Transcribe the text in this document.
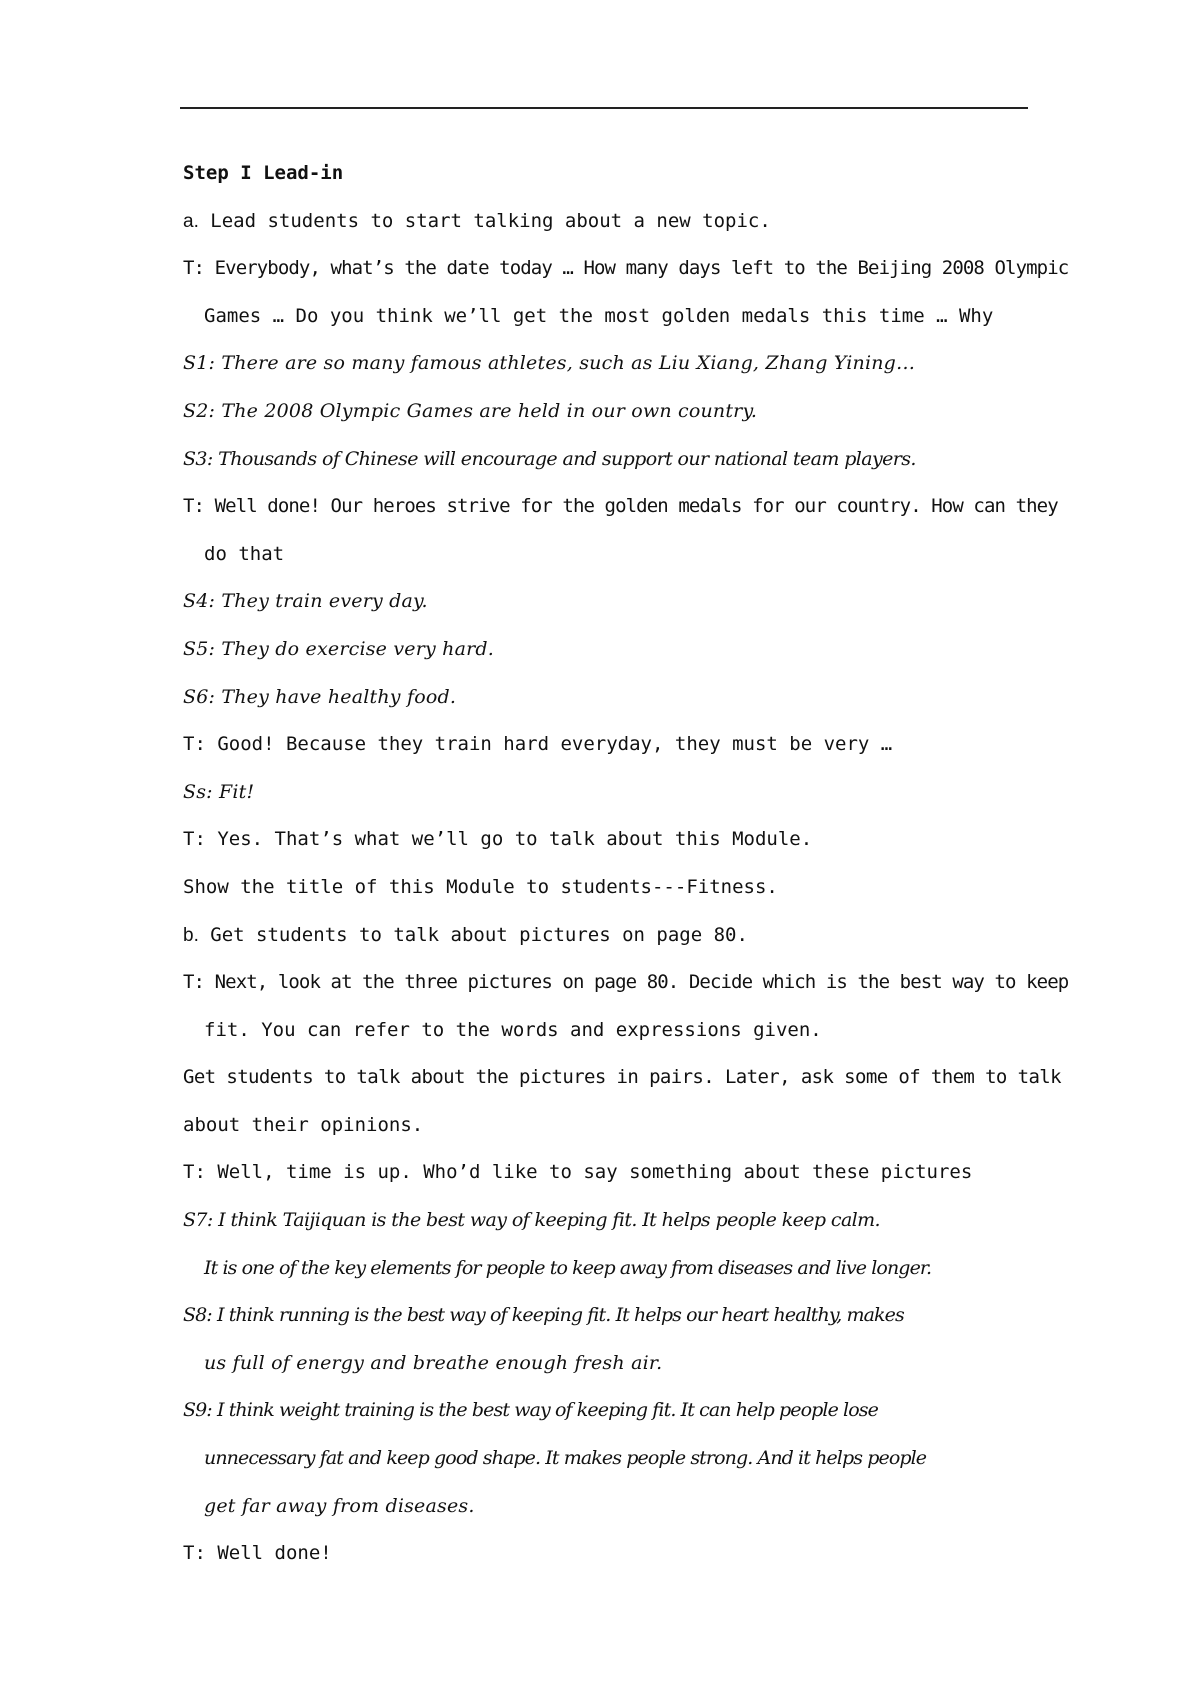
Step I Lead-in
a. Lead students to start talking about a new topic.
T: Everybody, what’s the date today … How many days left to the Beijing 2008 Olympic
Games … Do you think we’ll get the most golden medals this time … Why
S1: There are so many famous athletes, such as Liu Xiang, Zhang Yining…
S2: The 2008 Olympic Games are held in our own country.
S3: Thousands of Chinese will encourage and support our national team players.
T: Well done! Our heroes strive for the golden medals for our country. How can they
do that
S4: They train every day.
S5: They do exercise very hard.
S6: They have healthy food.
T: Good! Because they train hard everyday, they must be very …
Ss: Fit!
T: Yes. That’s what we’ll go to talk about this Module.
Show the title of this Module to students---Fitness.
b. Get students to talk about pictures on page 80.
T: Next, look at the three pictures on page 80. Decide which is the best way to keep
fit. You can refer to the words and expressions given.
Get students to talk about the pictures in pairs. Later, ask some of them to talk
about their opinions.
T: Well, time is up. Who’d like to say something about these pictures
S7: I think Taijiquan is the best way of keeping fit. It helps people keep calm.
It is one of the key elements for people to keep away from diseases and live longer.
S8: I think running is the best way of keeping fit. It helps our heart healthy, makes
us full of energy and breathe enough fresh air.
S9: I think weight training is the best way of keeping fit. It can help people lose
unnecessary fat and keep good shape. It makes people strong. And it helps people
get far away from diseases.
T: Well done!
